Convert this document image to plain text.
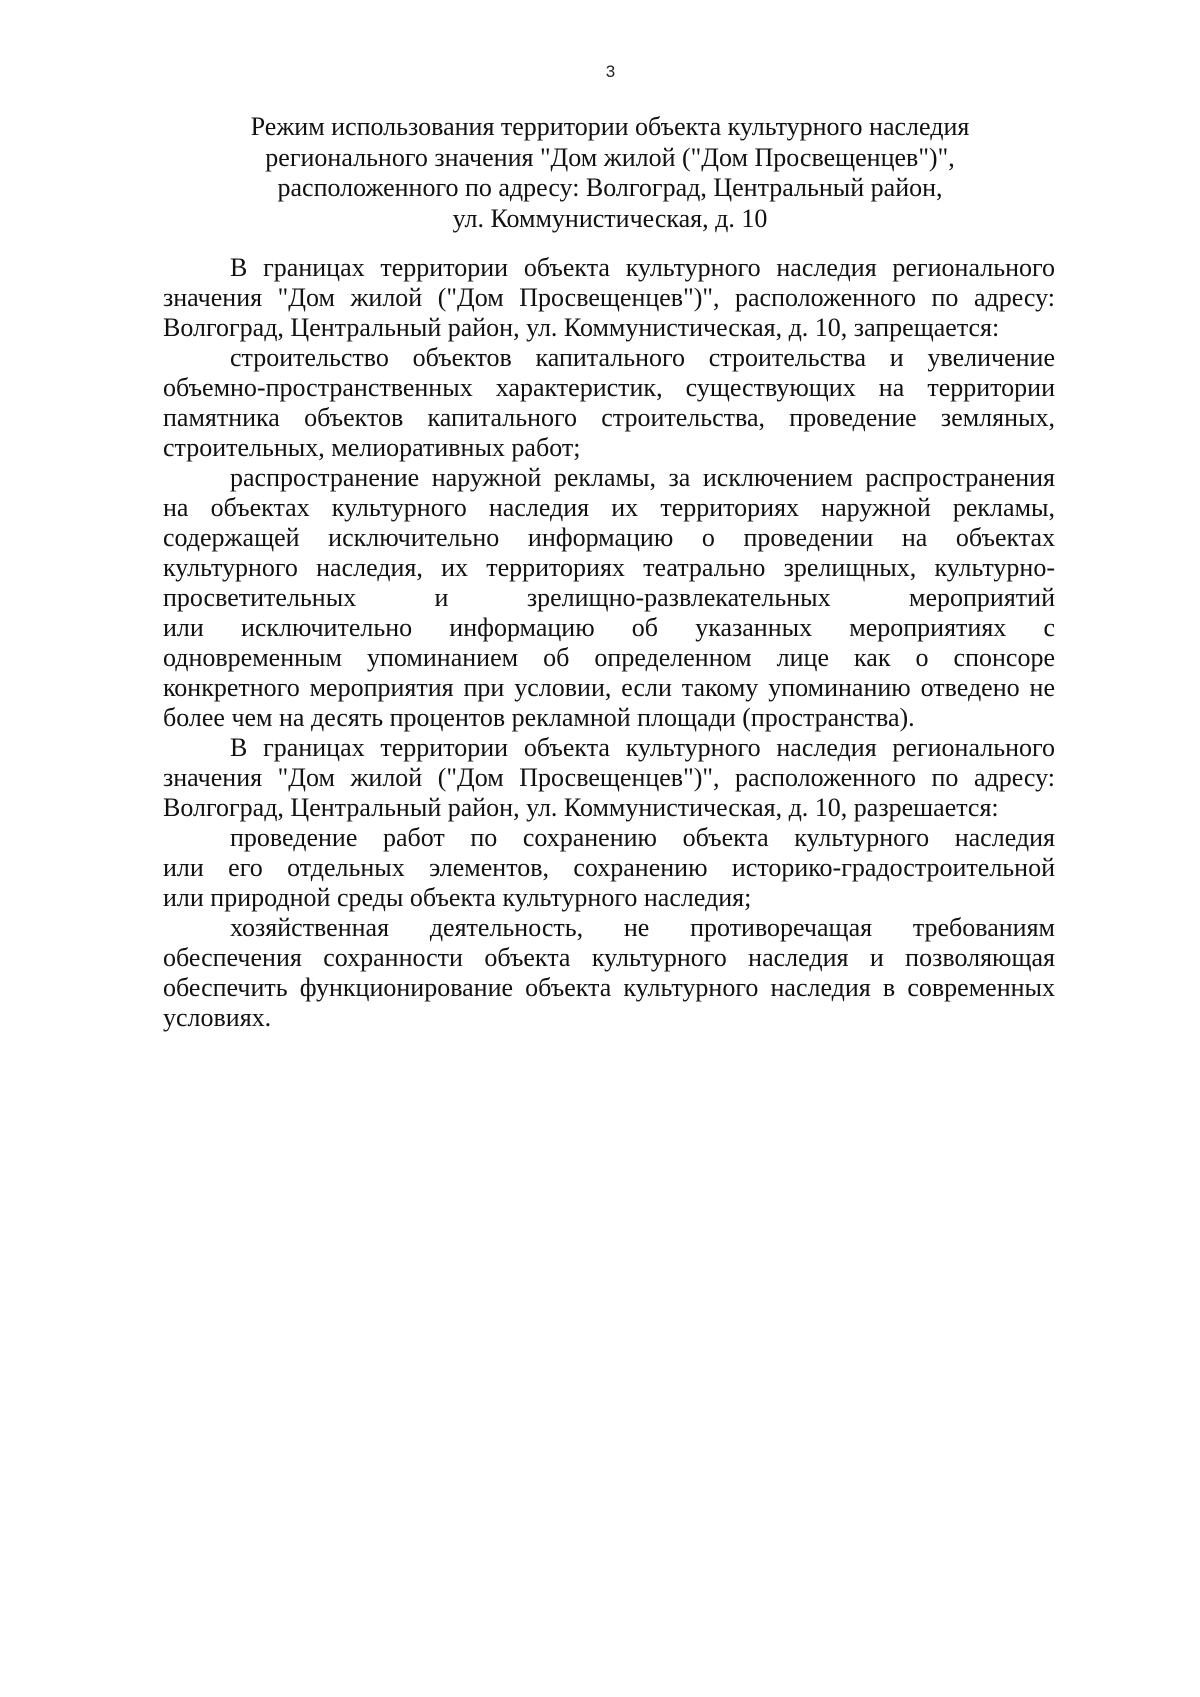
3
Режим использования территории объекта культурного наследия
регионального значения "Дом жилой ("Дом Просвещенцев")",
расположенного по адресу: Волгоград, Центральный район,
ул. Коммунистическая, д. 10
В границах территории объекта культурного наследия регионального
значения "Дом жилой ("Дом Просвещенцев")", расположенного по адресу:
Волгоград, Центральный район, ул. Коммунистическая, д. 10, запрещается:
строительство объектов капитального строительства и увеличение
объемно-пространственных характеристик, существующих на территории
памятника объектов капитального строительства, проведение земляных,
строительных, мелиоративных работ;
распространение наружной рекламы, за исключением распространения
на объектах культурного наследия их территориях наружной рекламы,
содержащей исключительно информацию о проведении на объектах
культурного наследия, их территориях театрально зрелищных, культурно-
просветительных и зрелищно-развлекательных мероприятий
или исключительно информацию об указанных мероприятиях с
одновременным упоминанием об определенном лице как о спонсоре
конкретного мероприятия при условии, если такому упоминанию отведено не
более чем на десять процентов рекламной площади (пространства).
В границах территории объекта культурного наследия регионального
значения "Дом жилой ("Дом Просвещенцев")", расположенного по адресу:
Волгоград, Центральный район, ул. Коммунистическая, д. 10, разрешается:
проведение работ по сохранению объекта культурного наследия
или его отдельных элементов, сохранению историко-градостроительной
или природной среды объекта культурного наследия;
хозяйственная деятельность, не противоречащая требованиям
обеспечения сохранности объекта культурного наследия и позволяющая
обеспечить функционирование объекта культурного наследия в современных
условиях.
